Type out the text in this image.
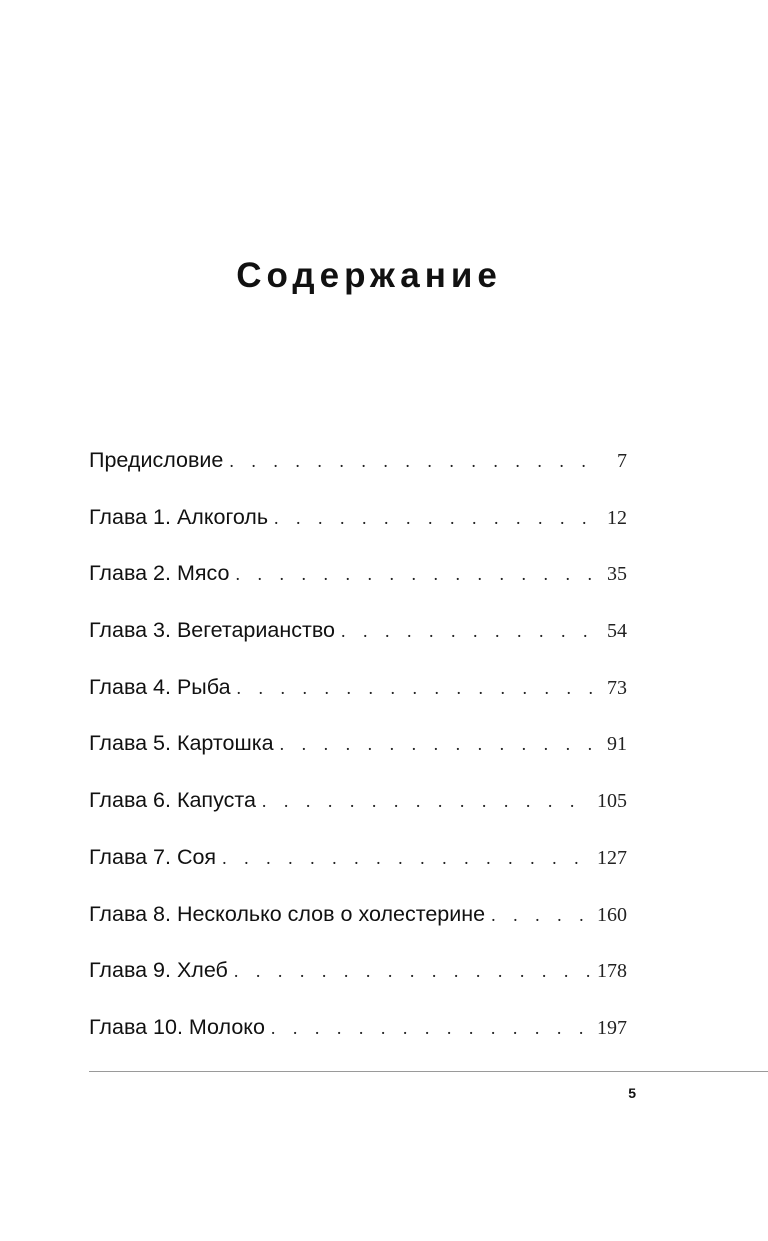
Содержание
Предисловие . . .	7
Глава 1. Алкоголь . . .	12
Глава 2. Мясо . . .	35
Глава 3. Вегетарианство . . .	54
Глава 4. Рыба . . .	73
Глава 5. Картошка . . .	91
Глава 6. Капуста . . .	105
Глава 7. Соя . . .	127
Глава 8. Несколько слов о холестерине . . .	160
Глава 9. Хлеб . . .	178
Глава 10. Молоко . . .	197
5
